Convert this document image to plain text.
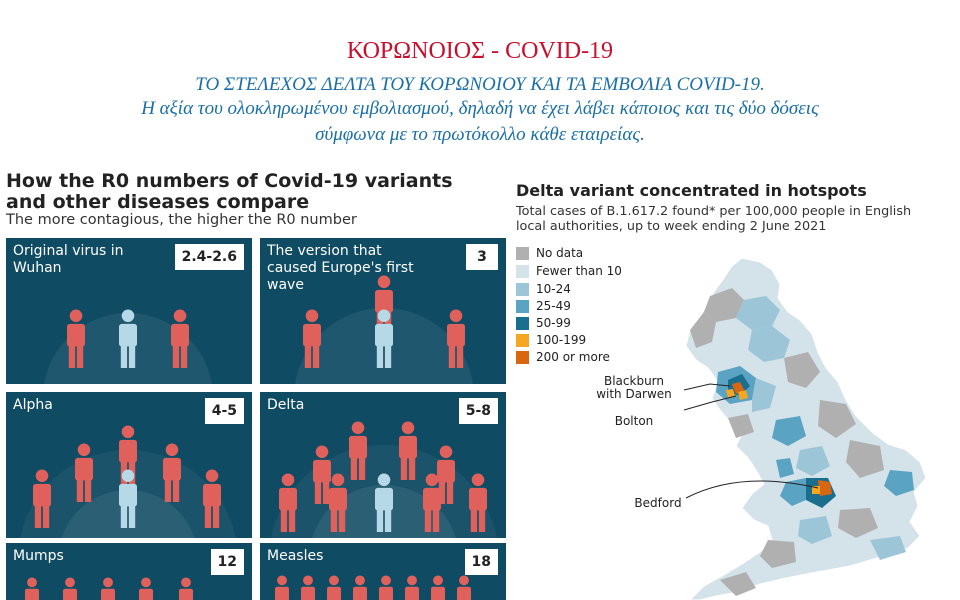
ΚΟΡΩΝΟΙΟΣ - COVID-19
ΤΟ ΣΤΕΛΕΧΟΣ ΔΕΛΤΑ ΤΟΥ ΚΟΡΩΝΟΙΟΥ ΚΑΙ ΤΑ ΕΜΒΟΛΙΑ COVID-19.
Η αξία του ολοκληρωμένου εμβολιασμού, δηλαδή να έχει λάβει κάποιος και τις δύο δόσεις
σύμφωνα με το πρωτόκολλο κάθε εταιρείας.
How the R0 numbers of Covid-19 variants
and other diseases compare
The more contagious, the higher the R0 number
Original virus in Wuhan
2.4-2.6	The version that caused Europe's first wave
3
Alpha	4-5	Delta	5-8
Mumps	12	Measles	18
Delta variant concentrated in hotspots
Total cases of B.1.617.2 found* per 100,000 people in English
local authorities, up to week ending 2 June 2021
No data
Fewer than 10
10-24
25-49
50-99
100-199
200 or more
Blackburn
with Darwen
Bolton
Bedford
